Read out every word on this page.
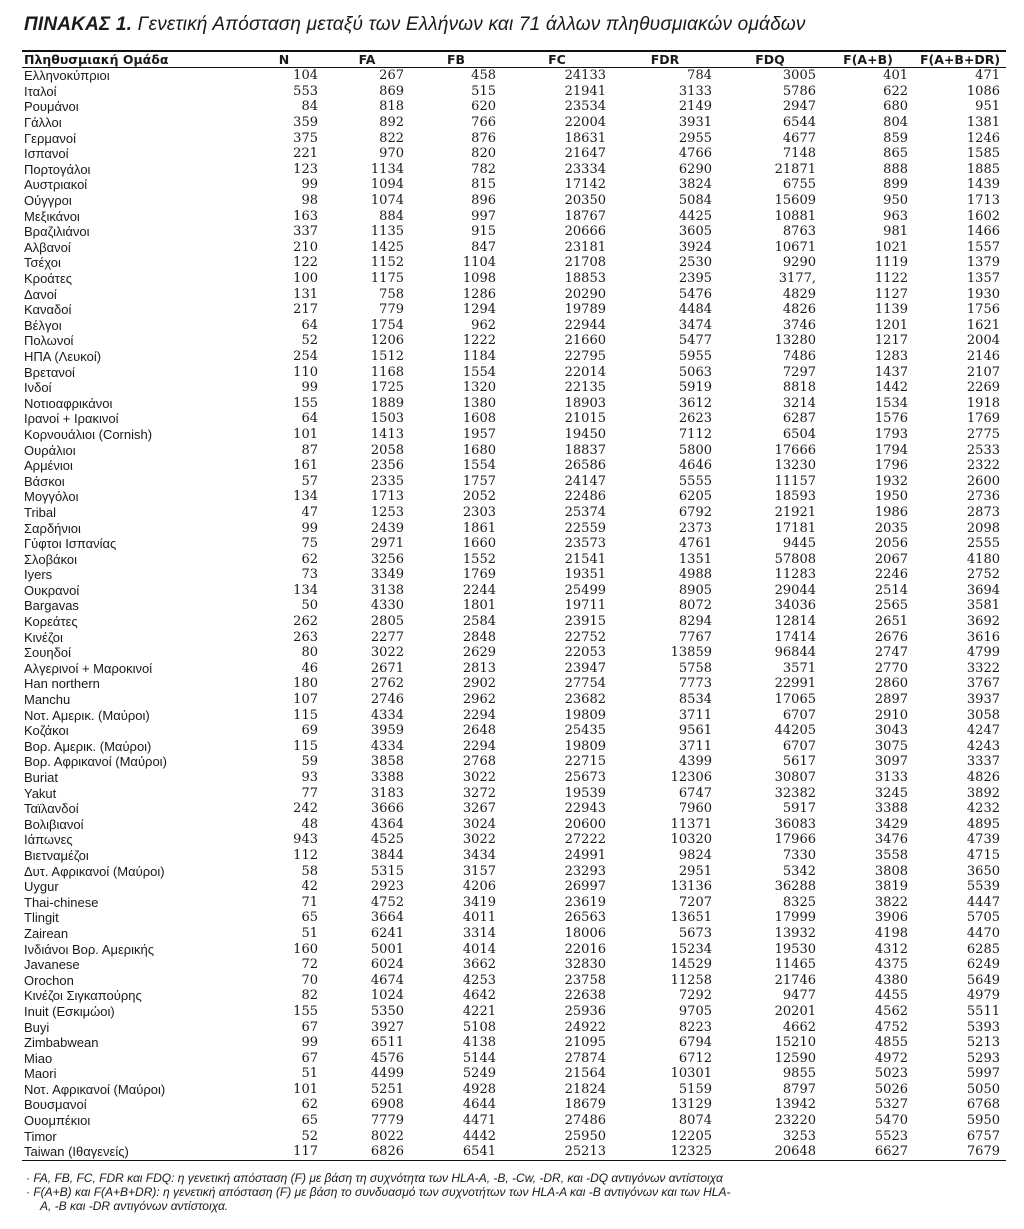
ΠΙΝΑΚΑΣ 1. Γενετική Απόσταση μεταξύ των Ελλήνων και 71 άλλων πληθυσμιακών ομάδων
Πληθυσμιακή Ομάδα	N	FA	FB	FC	FDR	FDQ	F(A+B)	F(A+B+DR)
Ελληνοκύπριοι	104	267	458	24133	784	3005	401	471
Ιταλοί	553	869	515	21941	3133	5786	622	1086
Ρουμάνοι	84	818	620	23534	2149	2947	680	951
Γάλλοι	359	892	766	22004	3931	6544	804	1381
Γερμανοί	375	822	876	18631	2955	4677	859	1246
Ισπανοί	221	970	820	21647	4766	7148	865	1585
Πορτογάλοι	123	1134	782	23334	6290	21871	888	1885
Αυστριακοί	99	1094	815	17142	3824	6755	899	1439
Ούγγροι	98	1074	896	20350	5084	15609	950	1713
Μεξικάνοι	163	884	997	18767	4425	10881	963	1602
Βραζιλιάνοι	337	1135	915	20666	3605	8763	981	1466
Αλβανοί	210	1425	847	23181	3924	10671	1021	1557
Τσέχοι	122	1152	1104	21708	2530	9290	1119	1379
Κροάτες	100	1175	1098	18853	2395	3177,	1122	1357
Δανοί	131	758	1286	20290	5476	4829	1127	1930
Καναδοί	217	779	1294	19789	4484	4826	1139	1756
Βέλγοι	64	1754	962	22944	3474	3746	1201	1621
Πολωνοί	52	1206	1222	21660	5477	13280	1217	2004
ΗΠΑ (Λευκοί)	254	1512	1184	22795	5955	7486	1283	2146
Βρετανοί	110	1168	1554	22014	5063	7297	1437	2107
Ινδοί	99	1725	1320	22135	5919	8818	1442	2269
Νοτιοαφρικάνοι	155	1889	1380	18903	3612	3214	1534	1918
Ιρανοί + Ιρακινοί	64	1503	1608	21015	2623	6287	1576	1769
Κορνουάλιοι (Cornish)	101	1413	1957	19450	7112	6504	1793	2775
Ουράλιοι	87	2058	1680	18837	5800	17666	1794	2533
Αρμένιοι	161	2356	1554	26586	4646	13230	1796	2322
Βάσκοι	57	2335	1757	24147	5555	11157	1932	2600
Μογγόλοι	134	1713	2052	22486	6205	18593	1950	2736
Tribal	47	1253	2303	25374	6792	21921	1986	2873
Σαρδήνιοι	99	2439	1861	22559	2373	17181	2035	2098
Γύφτοι Ισπανίας	75	2971	1660	23573	4761	9445	2056	2555
Σλοβάκοι	62	3256	1552	21541	1351	57808	2067	4180
Iyers	73	3349	1769	19351	4988	11283	2246	2752
Ουκρανοί	134	3138	2244	25499	8905	29044	2514	3694
Bargavas	50	4330	1801	19711	8072	34036	2565	3581
Κορεάτες	262	2805	2584	23915	8294	12814	2651	3692
Κινέζοι	263	2277	2848	22752	7767	17414	2676	3616
Σουηδοί	80	3022	2629	22053	13859	96844	2747	4799
Αλγερινοί + Μαροκινοί	46	2671	2813	23947	5758	3571	2770	3322
Han northern	180	2762	2902	27754	7773	22991	2860	3767
Manchu	107	2746	2962	23682	8534	17065	2897	3937
Νοτ. Αμερικ. (Μαύροι)	115	4334	2294	19809	3711	6707	2910	3058
Κοζάκοι	69	3959	2648	25435	9561	44205	3043	4247
Βορ. Αμερικ. (Μαύροι)	115	4334	2294	19809	3711	6707	3075	4243
Βορ. Αφρικανοί (Μαύροι)	59	3858	2768	22715	4399	5617	3097	3337
Buriat	93	3388	3022	25673	12306	30807	3133	4826
Yakut	77	3183	3272	19539	6747	32382	3245	3892
Ταϊλανδοί	242	3666	3267	22943	7960	5917	3388	4232
Βολιβιανοί	48	4364	3024	20600	11371	36083	3429	4895
Ιάπωνες	943	4525	3022	27222	10320	17966	3476	4739
Βιετναμέζοι	112	3844	3434	24991	9824	7330	3558	4715
Δυτ. Αφρικανοί (Μαύροι)	58	5315	3157	23293	2951	5342	3808	3650
Uygur	42	2923	4206	26997	13136	36288	3819	5539
Thai-chinese	71	4752	3419	23619	7207	8325	3822	4447
Tlingit	65	3664	4011	26563	13651	17999	3906	5705
Zairean	51	6241	3314	18006	5673	13932	4198	4470
Ινδιάνοι Βορ. Αμερικής	160	5001	4014	22016	15234	19530	4312	6285
Javanese	72	6024	3662	32830	14529	11465	4375	6249
Orochon	70	4674	4253	23758	11258	21746	4380	5649
Κινέζοι Σιγκαπούρης	82	1024	4642	22638	7292	9477	4455	4979
Inuit (Εσκιμώοι)	155	5350	4221	25936	9705	20201	4562	5511
Buyi	67	3927	5108	24922	8223	4662	4752	5393
Zimbabwean	99	6511	4138	21095	6794	15210	4855	5213
Miao	67	4576	5144	27874	6712	12590	4972	5293
Maori	51	4499	5249	21564	10301	9855	5023	5997
Νοτ. Αφρικανοί (Μαύροι)	101	5251	4928	21824	5159	8797	5026	5050
Βουσμανοί	62	6908	4644	18679	13129	13942	5327	6768
Ουομπέκιοι	65	7779	4471	27486	8074	23220	5470	5950
Timor	52	8022	4442	25950	12205	3253	5523	6757
Taiwan (Ιθαγενείς)	117	6826	6541	25213	12325	20648	6627	7679
· FA, FB, FC, FDR και FDQ: η γενετική απόσταση (F) με βάση τη συχνότητα των HLA-A, -B, -Cw, -DR, και -DQ αντιγόνων αντίστοιχα
· F(A+B) και F(A+B+DR): η γενετική απόσταση (F) με βάση το συνδυασμό των συχνοτήτων των HLA-A και -B αντιγόνων και των HLA-
A, -B και -DR αντιγόνων αντίστοιχα.
